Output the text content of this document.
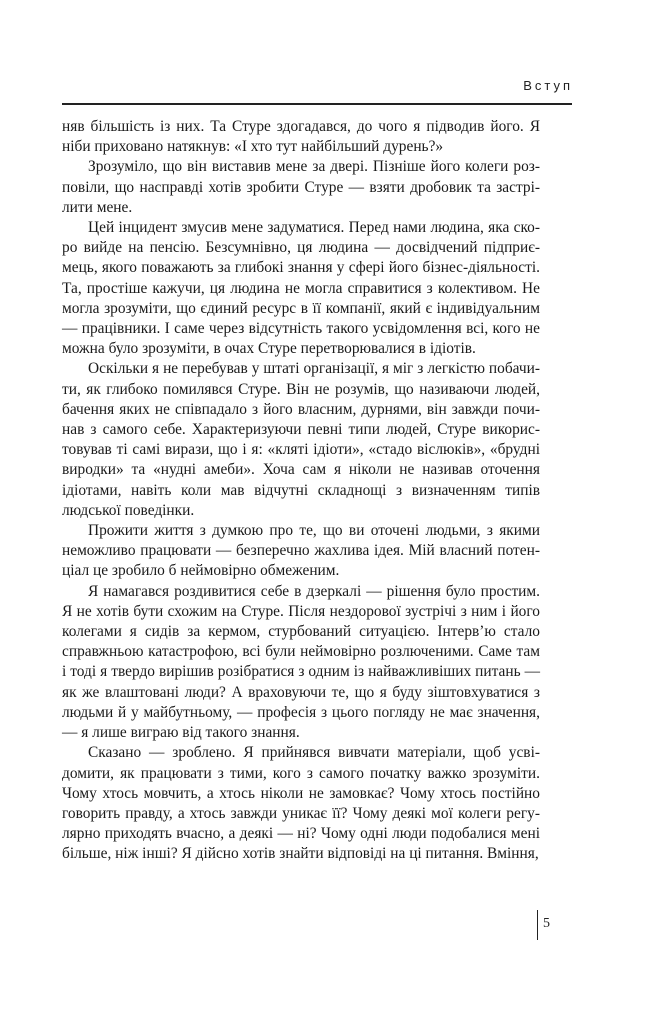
Вступ

няв більшість із них. Та Стуре здогадався, до чого я підводив його. Я ніби приховано натякнув: «І хто тут найбільший дурень?»

Зрозуміло, що він виставив мене за двері. Пізніше його колеги розповіли, що насправді хотів зробити Стуре — взяти дробовик та застрілити мене.

Цей інцидент змусив мене задуматися. Перед нами людина, яка скоро вийде на пенсію. Безсумнівно, ця людина — досвідчений підприємець, якого поважають за глибокі знання у сфері його бізнес-діяльності. Та, простіше кажучи, ця людина не могла справитися з колективом. Не могла зрозуміти, що єдиний ресурс в її компанії, який є індивідуальним — працівники. І саме через відсутність такого усвідомлення всі, кого не можна було зрозуміти, в очах Стуре перетворювалися в ідіотів.

Оскільки я не перебував у штаті організації, я міг з легкістю побачити, як глибоко помилявся Стуре. Він не розумів, що називаючи людей, бачення яких не співпадало з його власним, дурнями, він завжди починав з самого себе. Характеризуючи певні типи людей, Стуре використовував ті самі вирази, що і я: «кляті ідіоти», «стадо віслюків», «брудні виродки» та «нудні амеби». Хоча сам я ніколи не називав оточення ідіотами, навіть коли мав відчутні складнощі з визначенням типів людської поведінки.

Прожити життя з думкою про те, що ви оточені людьми, з якими неможливо працювати — безперечно жахлива ідея. Мій власний потенціал це зробило б неймовірно обмеженим.

Я намагався роздивитися себе в дзеркалі — рішення було простим. Я не хотів бути схожим на Стуре. Після нездорової зустрічі з ним і його колегами я сидів за кермом, стурбований ситуацією. Інтерв’ю стало справжньою катастрофою, всі були неймовірно розлюченими. Саме там і тоді я твердо вирішив розібратися з одним із найважливіших питань — як же влаштовані люди? А враховуючи те, що я буду зіштовхуватися з людьми й у майбутньому, — професія з цього погляду не має значення, — я лише виграю від такого знання.

Сказано — зроблено. Я прийнявся вивчати матеріали, щоб усвідомити, як працювати з тими, кого з самого початку важко зрозуміти. Чому хтось мовчить, а хтось ніколи не замовкає? Чому хтось постійно говорить правду, а хтось завжди уникає її? Чому деякі мої колеги регулярно приходять вчасно, а деякі — ні? Чому одні люди подобалися мені більше, ніж інші? Я дійсно хотів знайти відповіді на ці питання. Вміння,

5
